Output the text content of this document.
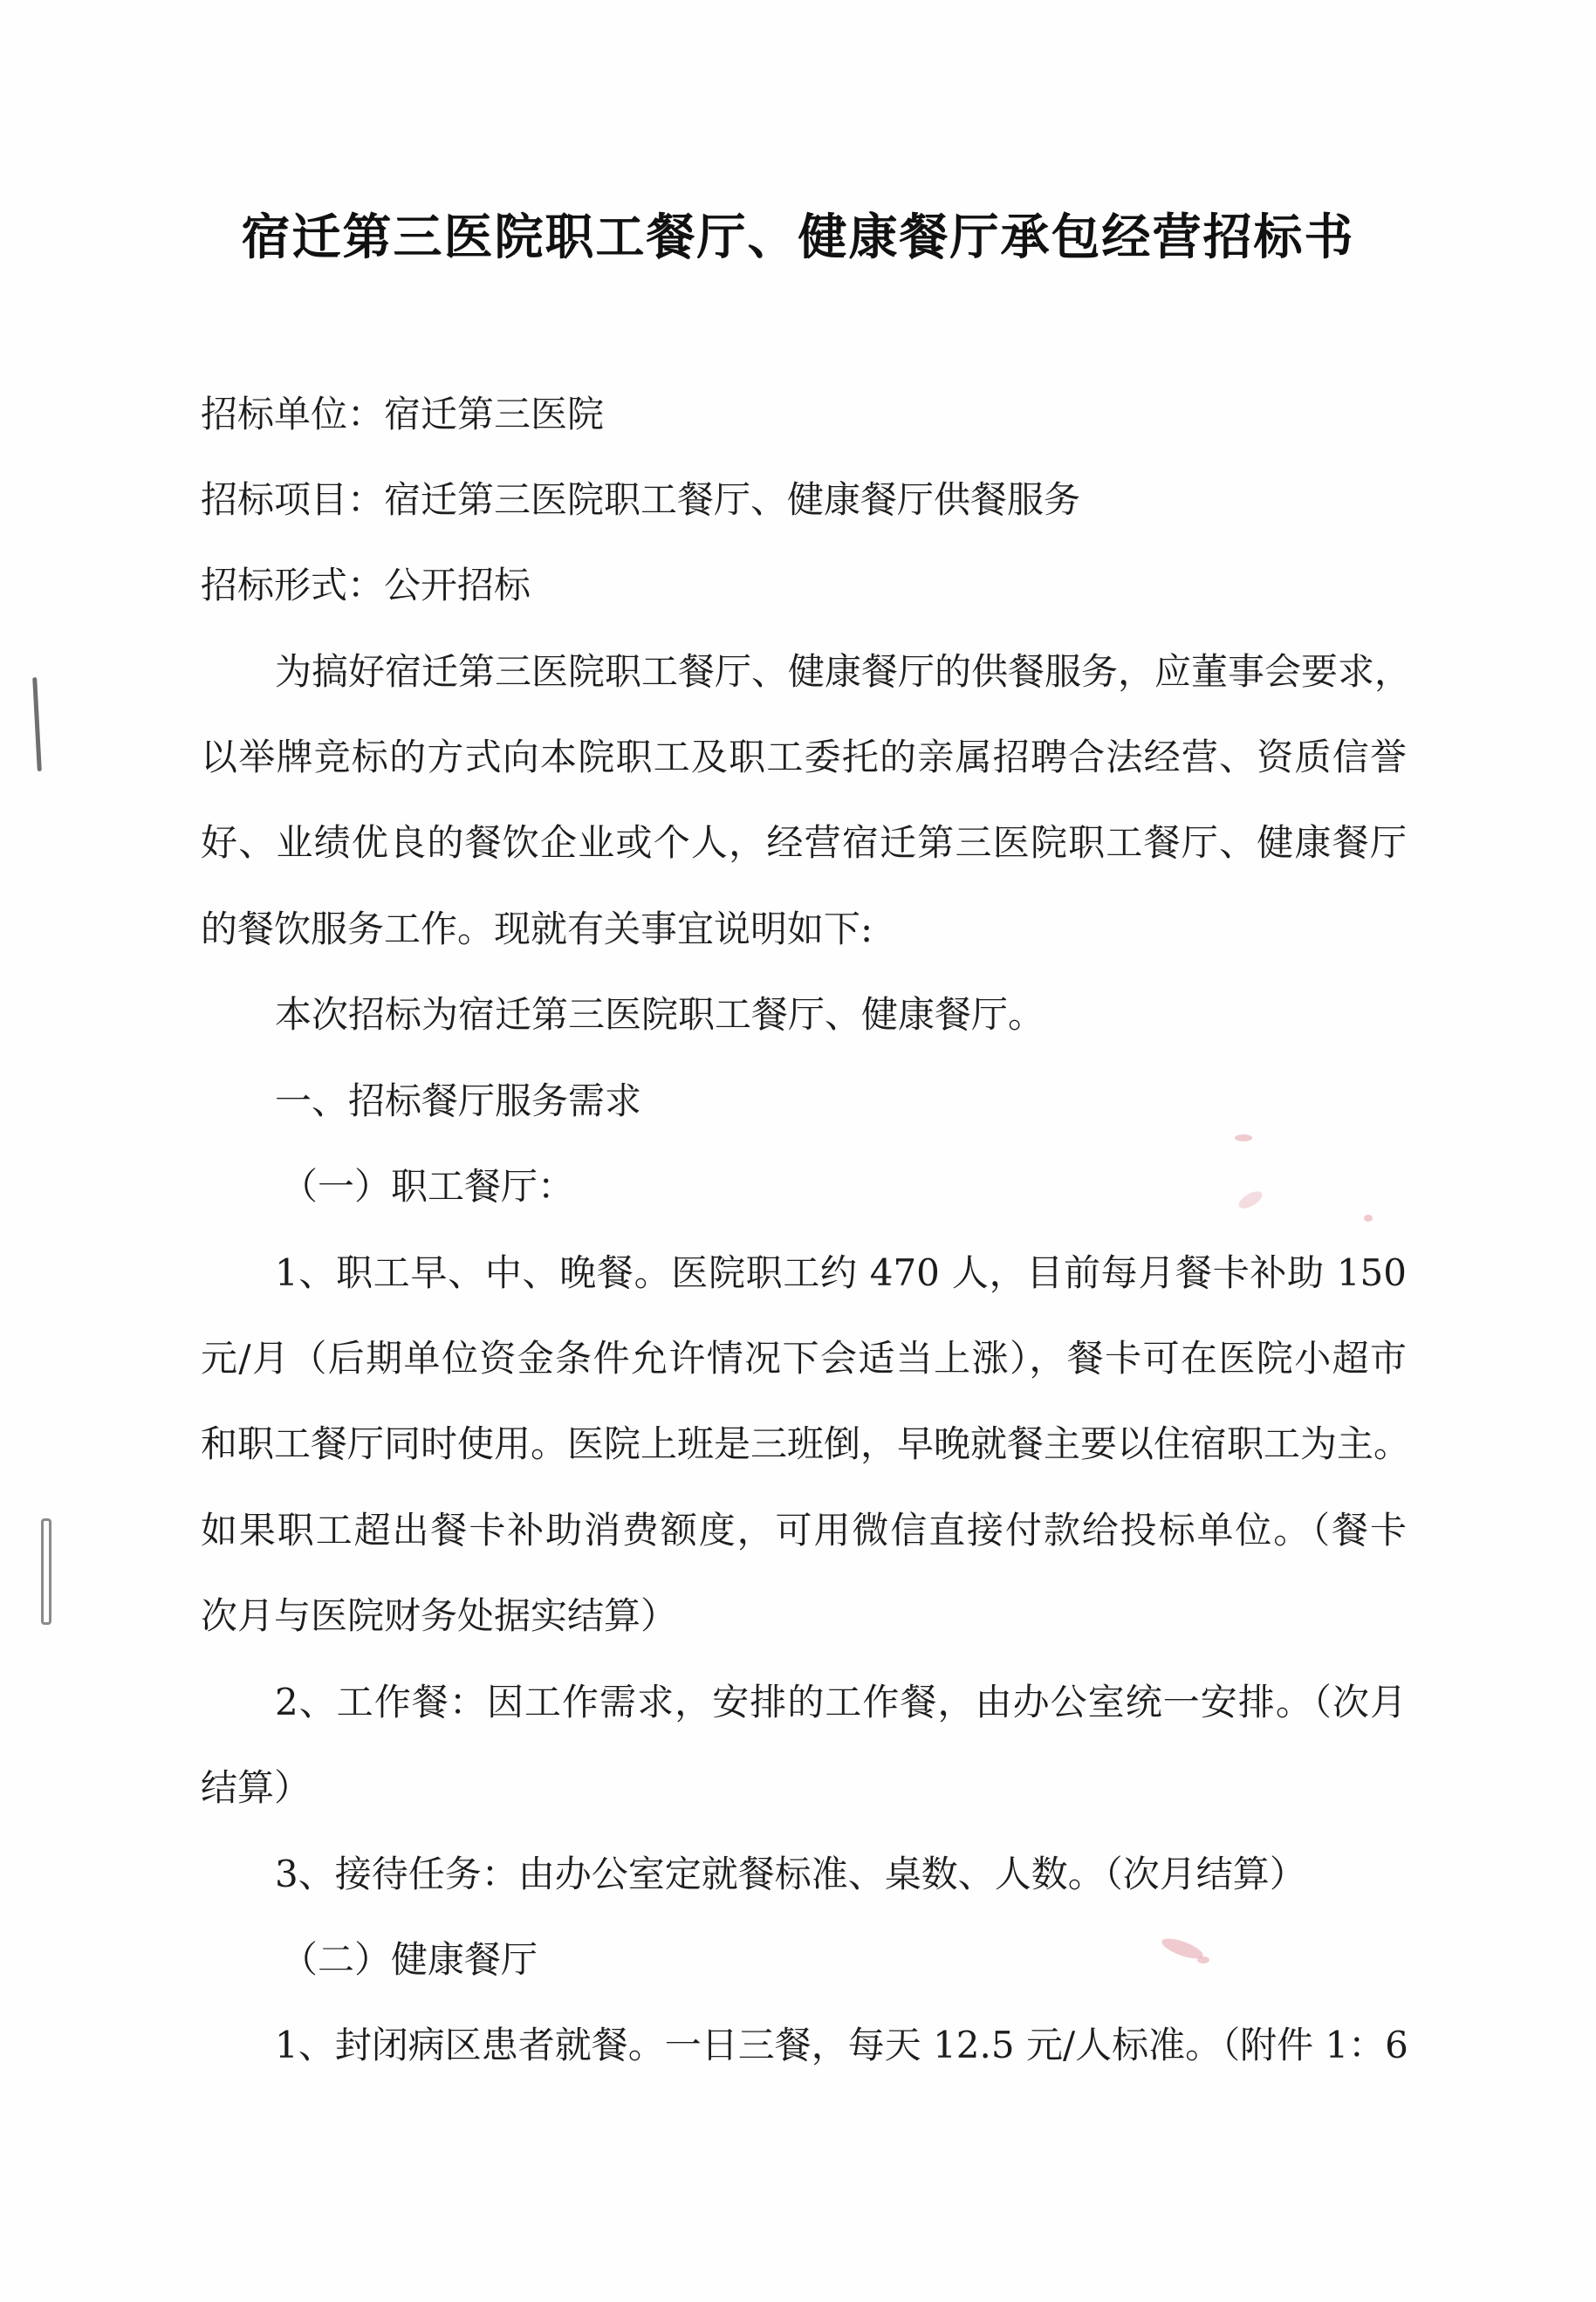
宿迁第三医院职工餐厅、健康餐厅承包经营招标书
招标单位：宿迁第三医院
招标项目：宿迁第三医院职工餐厅、健康餐厅供餐服务
招标形式：公开招标
为搞好宿迁第三医院职工餐厅、健康餐厅的供餐服务，应董事会要求，
以举牌竞标的方式向本院职工及职工委托的亲属招聘合法经营、资质信誉
好、业绩优良的餐饮企业或个人，经营宿迁第三医院职工餐厅、健康餐厅
的餐饮服务工作。现就有关事宜说明如下:
本次招标为宿迁第三医院职工餐厅、健康餐厅。
一、招标餐厅服务需求
（一）职工餐厅：
1、职工早、中、晚餐。医院职工约 470 人，目前每月餐卡补助 150
元/月（后期单位资金条件允许情况下会适当上涨），餐卡可在医院小超市
和职工餐厅同时使用。医院上班是三班倒，早晚就餐主要以住宿职工为主。
如果职工超出餐卡补助消费额度，可用微信直接付款给投标单位。（餐卡
次月与医院财务处据实结算）
2、工作餐：因工作需求，安排的工作餐，由办公室统一安排。（次月
结算）
3、接待任务：由办公室定就餐标准、桌数、人数。（次月结算）
（二）健康餐厅
1、封闭病区患者就餐。一日三餐，每天 12.5 元/人标准。（附件 1：6
